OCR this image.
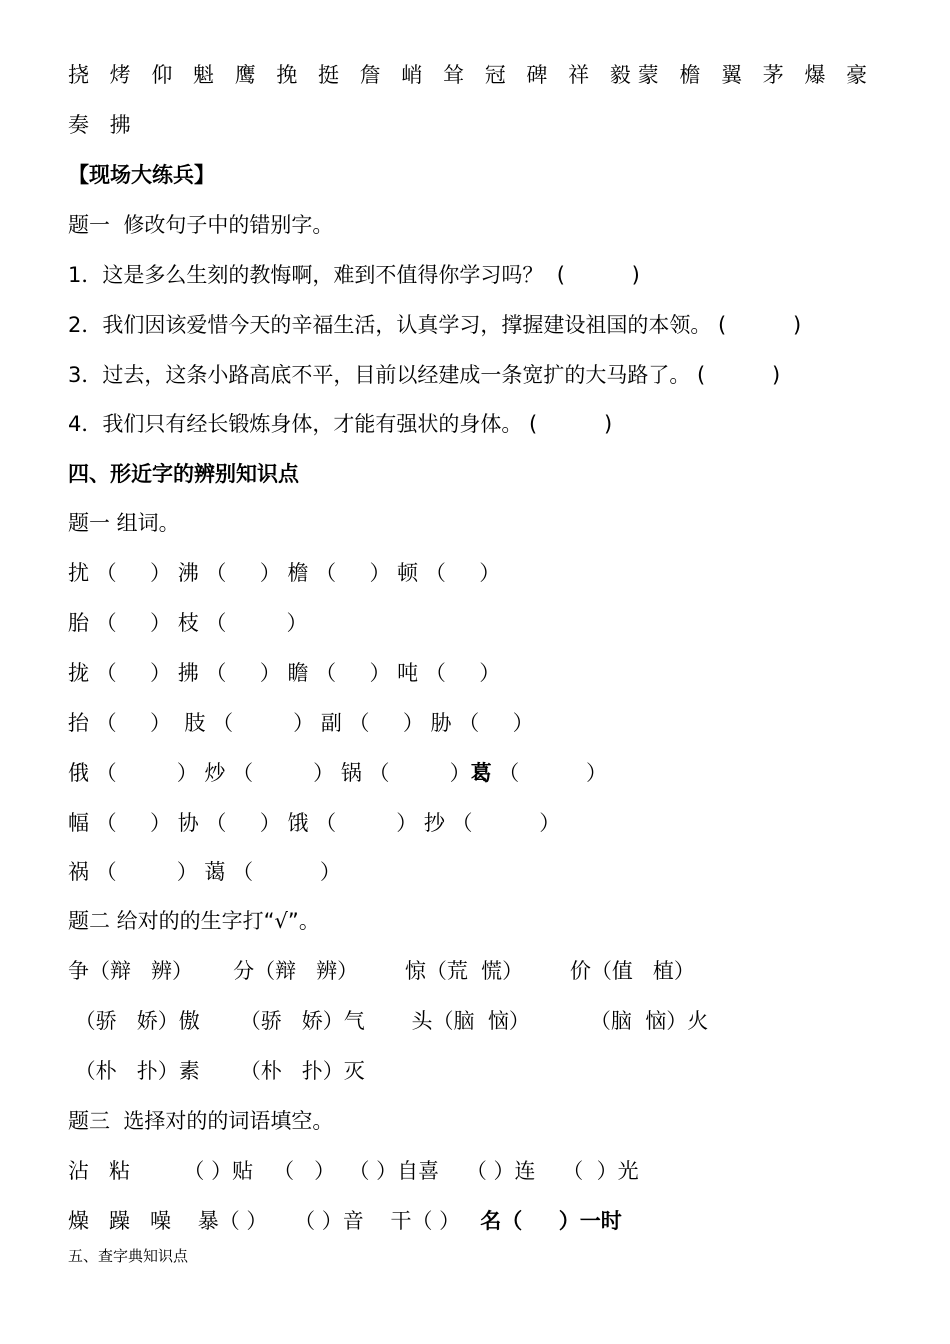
挠 烤 仰 魁 鹰 挽 挺 詹 峭 耸 冠 碑 祥 毅蒙 檐 翼 茅 爆 豪
奏 拂
【现场大练兵】
题一  修改句子中的错别字。
1．这是多么生刻的教悔啊，难到不值得你学习吗？  (          )
2．我们因该爱惜今天的辛福生活，认真学习，撑握建设祖国的本领。 (          )
3．过去，这条小路高底不平，目前以经建成一条宽扩的大马路了。 (          )
4．我们只有经长锻炼身体，才能有强状的身体。 (          )
四、形近字的辨别知识点
题一 组词。
扰 （     ） 沸 （     ） 檐 （     ） 顿 （     ）
胎 （     ） 枝 （         ）
拢 （     ） 拂 （     ） 瞻 （     ） 吨 （     ）
抬 （     ）  肢 （         ） 副 （     ） 胁 （     ）
俄 （         ） 炒 （         ） 锅 （         ）葛 （          ）
幅 （     ） 协 （     ） 饿 （         ） 抄 （          ）
祸 （         ） 蔼 （          ）
题二 给对的的生字打“√”。
争（辩   辨）      分（辩   辨）       惊（荒  慌）       价（值   植）
（骄   娇）傲      （骄   娇）气       头（脑  恼）         （脑  恼）火
（朴   扑）素      （朴   扑）灭
题三  选择对的的词语填空。
沾   粘        （ ）贴   （   ）  （ ）自喜    （ ）连    （  ）光
燥   躁   噪    暴（ ）    （ ）音    干（ ）   名（     ）一时
五、查字典知识点
